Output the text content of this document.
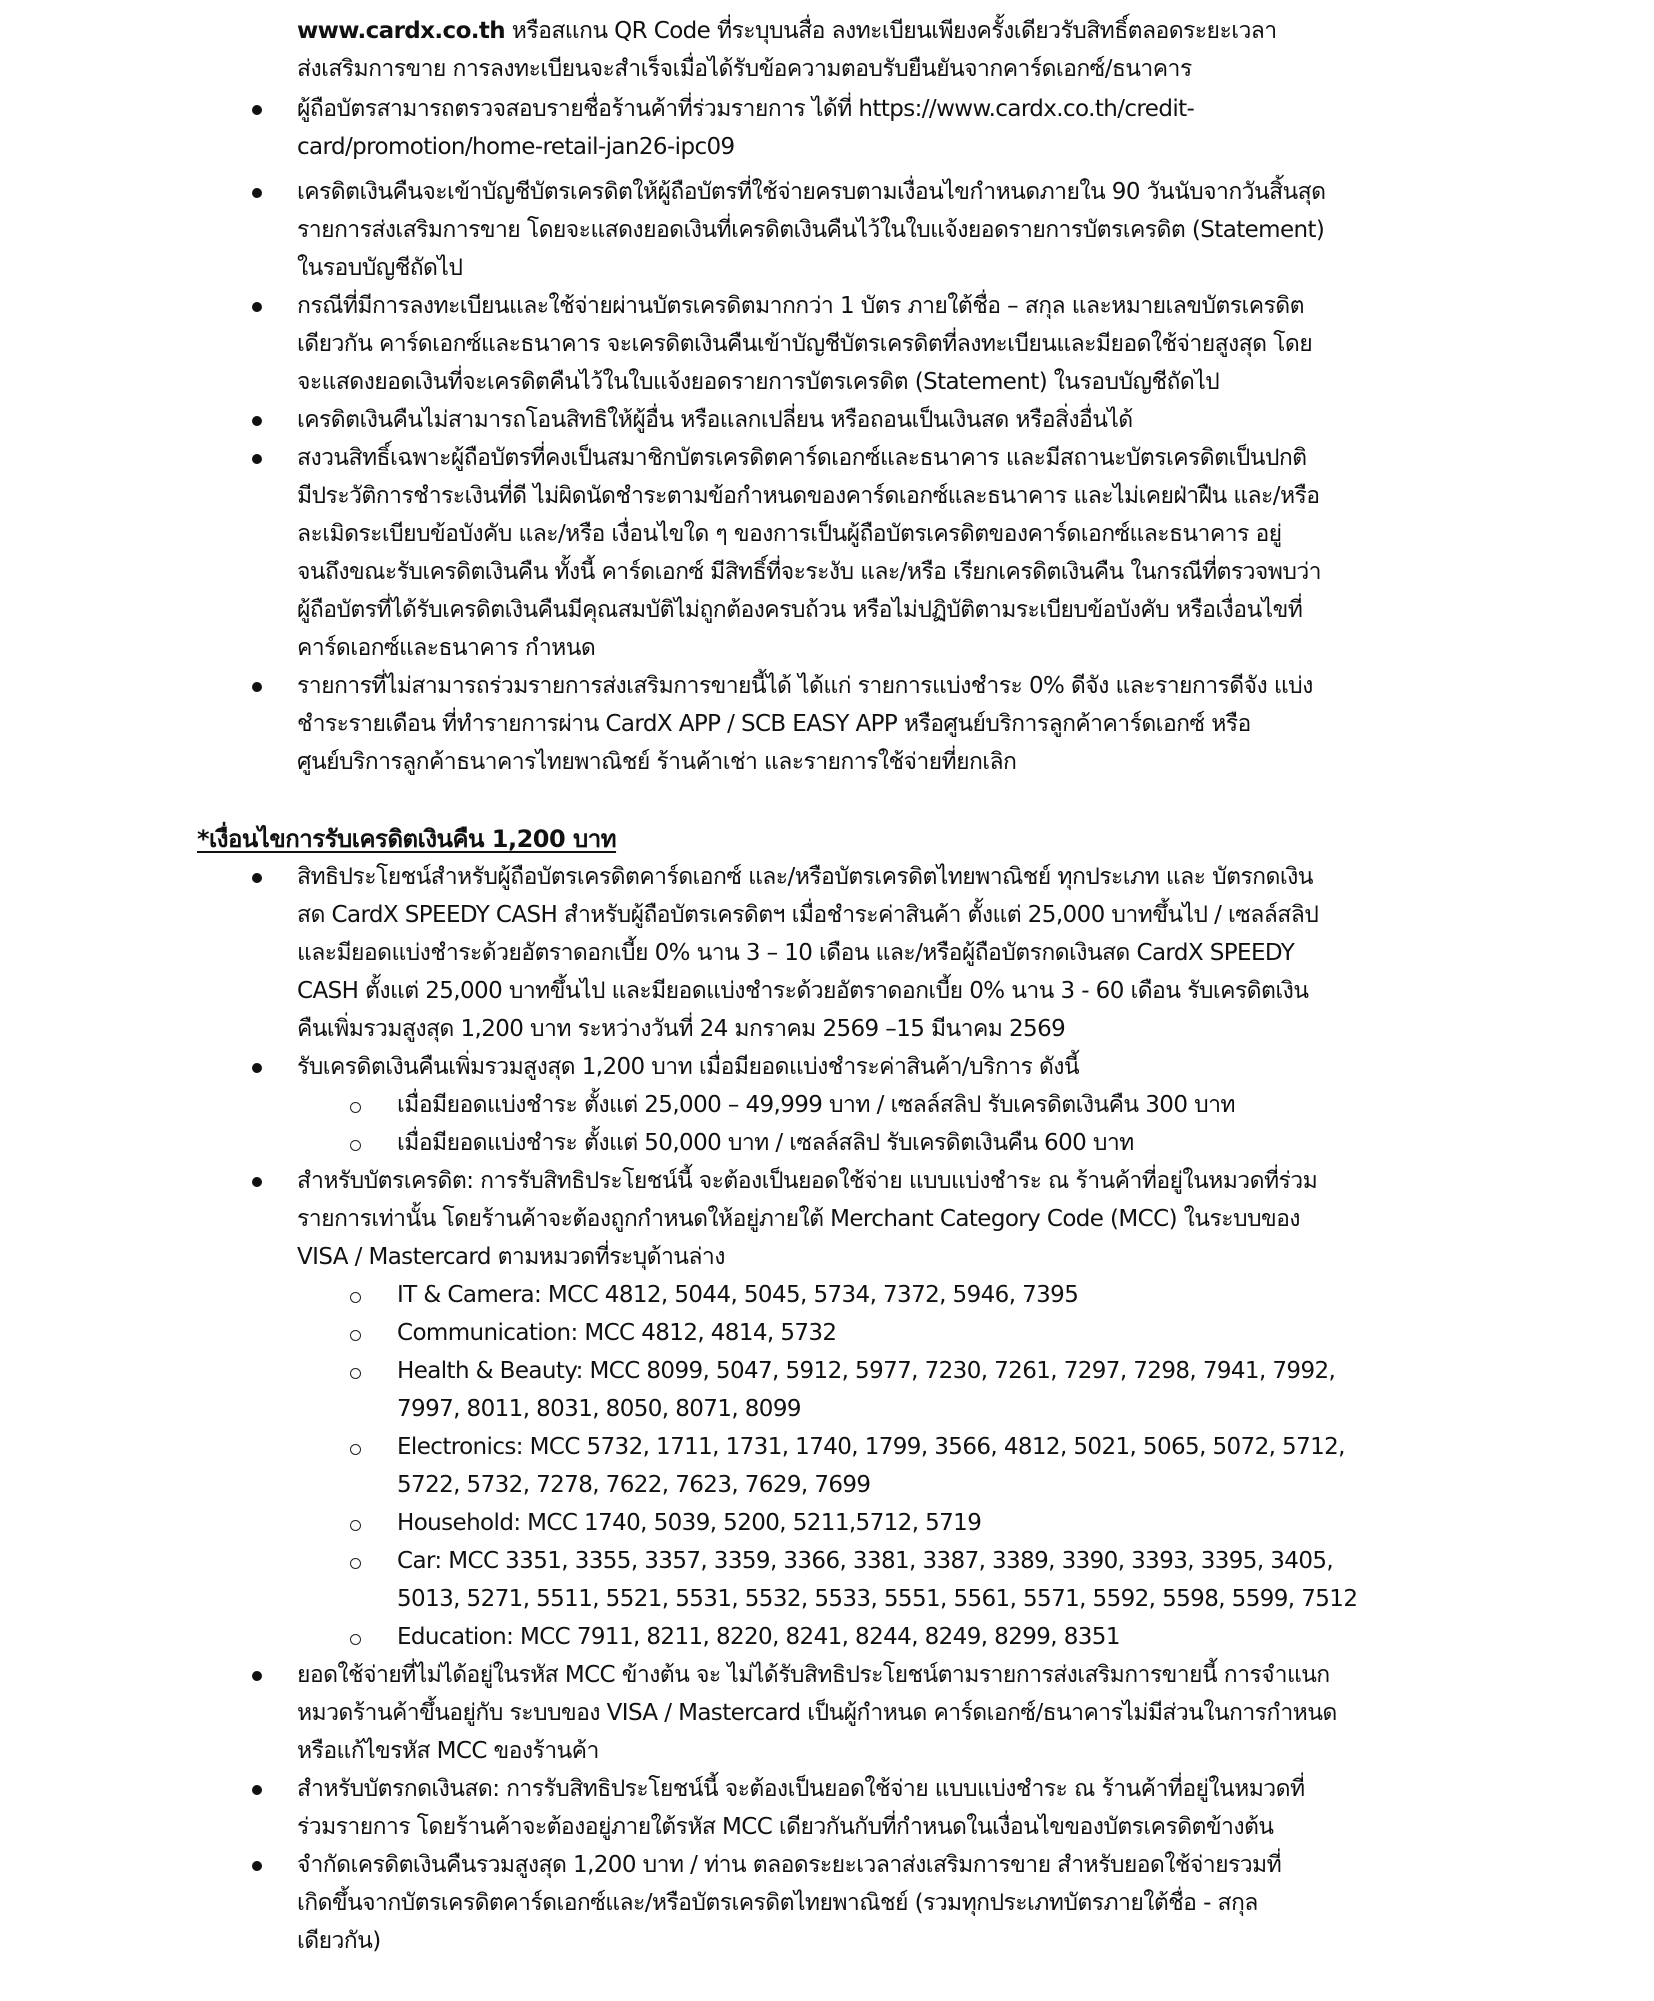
www.cardx.co.th หรือสแกน QR Code ที่ระบุบนสื่อ ลงทะเบียนเพียงครั้งเดียวรับสิทธิ์ตลอดระยะเวลา
ส่งเสริมการขาย การลงทะเบียนจะสำเร็จเมื่อได้รับข้อความตอบรับยืนยันจากคาร์ดเอกซ์/ธนาคาร
ผู้ถือบัตรสามารถตรวจสอบรายชื่อร้านค้าที่ร่วมรายการ ได้ที่ https://www.cardx.co.th/credit-
card/promotion/home-retail-jan26-ipc09
เครดิตเงินคืนจะเข้าบัญชีบัตรเครดิตให้ผู้ถือบัตรที่ใช้จ่ายครบตามเงื่อนไขกำหนดภายใน 90 วันนับจากวันสิ้นสุด
รายการส่งเสริมการขาย โดยจะแสดงยอดเงินที่เครดิตเงินคืนไว้ในใบแจ้งยอดรายการบัตรเครดิต (Statement)
ในรอบบัญชีถัดไป
กรณีที่มีการลงทะเบียนและใช้จ่ายผ่านบัตรเครดิตมากกว่า 1 บัตร ภายใต้ชื่อ – สกุล และหมายเลขบัตรเครดิต
เดียวกัน คาร์ดเอกซ์และธนาคาร จะเครดิตเงินคืนเข้าบัญชีบัตรเครดิตที่ลงทะเบียนและมียอดใช้จ่ายสูงสุด โดย
จะแสดงยอดเงินที่จะเครดิตคืนไว้ในใบแจ้งยอดรายการบัตรเครดิต (Statement) ในรอบบัญชีถัดไป
เครดิตเงินคืนไม่สามารถโอนสิทธิให้ผู้อื่น หรือแลกเปลี่ยน หรือถอนเป็นเงินสด หรือสิ่งอื่นได้
สงวนสิทธิ์เฉพาะผู้ถือบัตรที่คงเป็นสมาชิกบัตรเครดิตคาร์ดเอกซ์และธนาคาร และมีสถานะบัตรเครดิตเป็นปกติ
มีประวัติการชำระเงินที่ดี ไม่ผิดนัดชำระตามข้อกำหนดของคาร์ดเอกซ์และธนาคาร และไม่เคยฝ่าฝืน และ/หรือ
ละเมิดระเบียบข้อบังคับ และ/หรือ เงื่อนไขใด ๆ ของการเป็นผู้ถือบัตรเครดิตของคาร์ดเอกซ์และธนาคาร อยู่
จนถึงขณะรับเครดิตเงินคืน ทั้งนี้ คาร์ดเอกซ์ มีสิทธิ์ที่จะระงับ และ/หรือ เรียกเครดิตเงินคืน ในกรณีที่ตรวจพบว่า
ผู้ถือบัตรที่ได้รับเครดิตเงินคืนมีคุณสมบัติไม่ถูกต้องครบถ้วน หรือไม่ปฏิบัติตามระเบียบข้อบังคับ หรือเงื่อนไขที่
คาร์ดเอกซ์และธนาคาร กำหนด
รายการที่ไม่สามารถร่วมรายการส่งเสริมการขายนี้ได้ ได้แก่ รายการแบ่งชำระ 0% ดีจัง และรายการดีจัง แบ่ง
ชำระรายเดือน ที่ทำรายการผ่าน CardX APP / SCB EASY APP หรือศูนย์บริการลูกค้าคาร์ดเอกซ์ หรือ
ศูนย์บริการลูกค้าธนาคารไทยพาณิชย์ ร้านค้าเช่า และรายการใช้จ่ายที่ยกเลิก
*เงื่อนไขการรับเครดิตเงินคืน 1,200 บาท
สิทธิประโยชน์สำหรับผู้ถือบัตรเครดิตคาร์ดเอกซ์ และ/หรือบัตรเครดิตไทยพาณิชย์ ทุกประเภท และ บัตรกดเงิน
สด CardX SPEEDY CASH สำหรับผู้ถือบัตรเครดิตฯ เมื่อชำระค่าสินค้า ตั้งแต่ 25,000 บาทขึ้นไป / เซลล์สลิป
และมียอดแบ่งชำระด้วยอัตราดอกเบี้ย 0% นาน 3 – 10 เดือน และ/หรือผู้ถือบัตรกดเงินสด CardX SPEEDY
CASH ตั้งแต่ 25,000 บาทขึ้นไป และมียอดแบ่งชำระด้วยอัตราดอกเบี้ย 0% นาน 3 - 60 เดือน รับเครดิตเงิน
คืนเพิ่มรวมสูงสุด 1,200 บาท ระหว่างวันที่ 24 มกราคม 2569 –15 มีนาคม 2569
รับเครดิตเงินคืนเพิ่มรวมสูงสุด 1,200 บาท เมื่อมียอดแบ่งชำระค่าสินค้า/บริการ ดังนี้
เมื่อมียอดแบ่งชำระ ตั้งแต่ 25,000 – 49,999 บาท / เซลล์สลิป รับเครดิตเงินคืน 300 บาท
เมื่อมียอดแบ่งชำระ ตั้งแต่ 50,000 บาท / เซลล์สลิป รับเครดิตเงินคืน 600 บาท
สำหรับบัตรเครดิต: การรับสิทธิประโยชน์นี้ จะต้องเป็นยอดใช้จ่าย แบบแบ่งชำระ ณ ร้านค้าที่อยู่ในหมวดที่ร่วม
รายการเท่านั้น โดยร้านค้าจะต้องถูกกำหนดให้อยู่ภายใต้ Merchant Category Code (MCC) ในระบบของ
VISA / Mastercard ตามหมวดที่ระบุด้านล่าง
IT & Camera: MCC 4812, 5044, 5045, 5734, 7372, 5946, 7395
Communication: MCC 4812, 4814, 5732
Health & Beauty: MCC 8099, 5047, 5912, 5977, 7230, 7261, 7297, 7298, 7941, 7992,
7997, 8011, 8031, 8050, 8071, 8099
Electronics: MCC 5732, 1711, 1731, 1740, 1799, 3566, 4812, 5021, 5065, 5072, 5712,
5722, 5732, 7278, 7622, 7623, 7629, 7699
Household: MCC 1740, 5039, 5200, 5211,5712, 5719
Car: MCC 3351, 3355, 3357, 3359, 3366, 3381, 3387, 3389, 3390, 3393, 3395, 3405,
5013, 5271, 5511, 5521, 5531, 5532, 5533, 5551, 5561, 5571, 5592, 5598, 5599, 7512
Education: MCC 7911, 8211, 8220, 8241, 8244, 8249, 8299, 8351
ยอดใช้จ่ายที่ไม่ได้อยู่ในรหัส MCC ข้างต้น จะ ไม่ได้รับสิทธิประโยชน์ตามรายการส่งเสริมการขายนี้ การจำแนก
หมวดร้านค้าขึ้นอยู่กับ ระบบของ VISA / Mastercard เป็นผู้กำหนด คาร์ดเอกซ์/ธนาคารไม่มีส่วนในการกำหนด
หรือแก้ไขรหัส MCC ของร้านค้า
สำหรับบัตรกดเงินสด: การรับสิทธิประโยชน์นี้ จะต้องเป็นยอดใช้จ่าย แบบแบ่งชำระ ณ ร้านค้าที่อยู่ในหมวดที่
ร่วมรายการ โดยร้านค้าจะต้องอยู่ภายใต้รหัส MCC เดียวกันกับที่กำหนดในเงื่อนไขของบัตรเครดิตข้างต้น
จำกัดเครดิตเงินคืนรวมสูงสุด 1,200 บาท / ท่าน ตลอดระยะเวลาส่งเสริมการขาย สำหรับยอดใช้จ่ายรวมที่
เกิดขึ้นจากบัตรเครดิตคาร์ดเอกซ์และ/หรือบัตรเครดิตไทยพาณิชย์ (รวมทุกประเภทบัตรภายใต้ชื่อ - สกุล
เดียวกัน)
